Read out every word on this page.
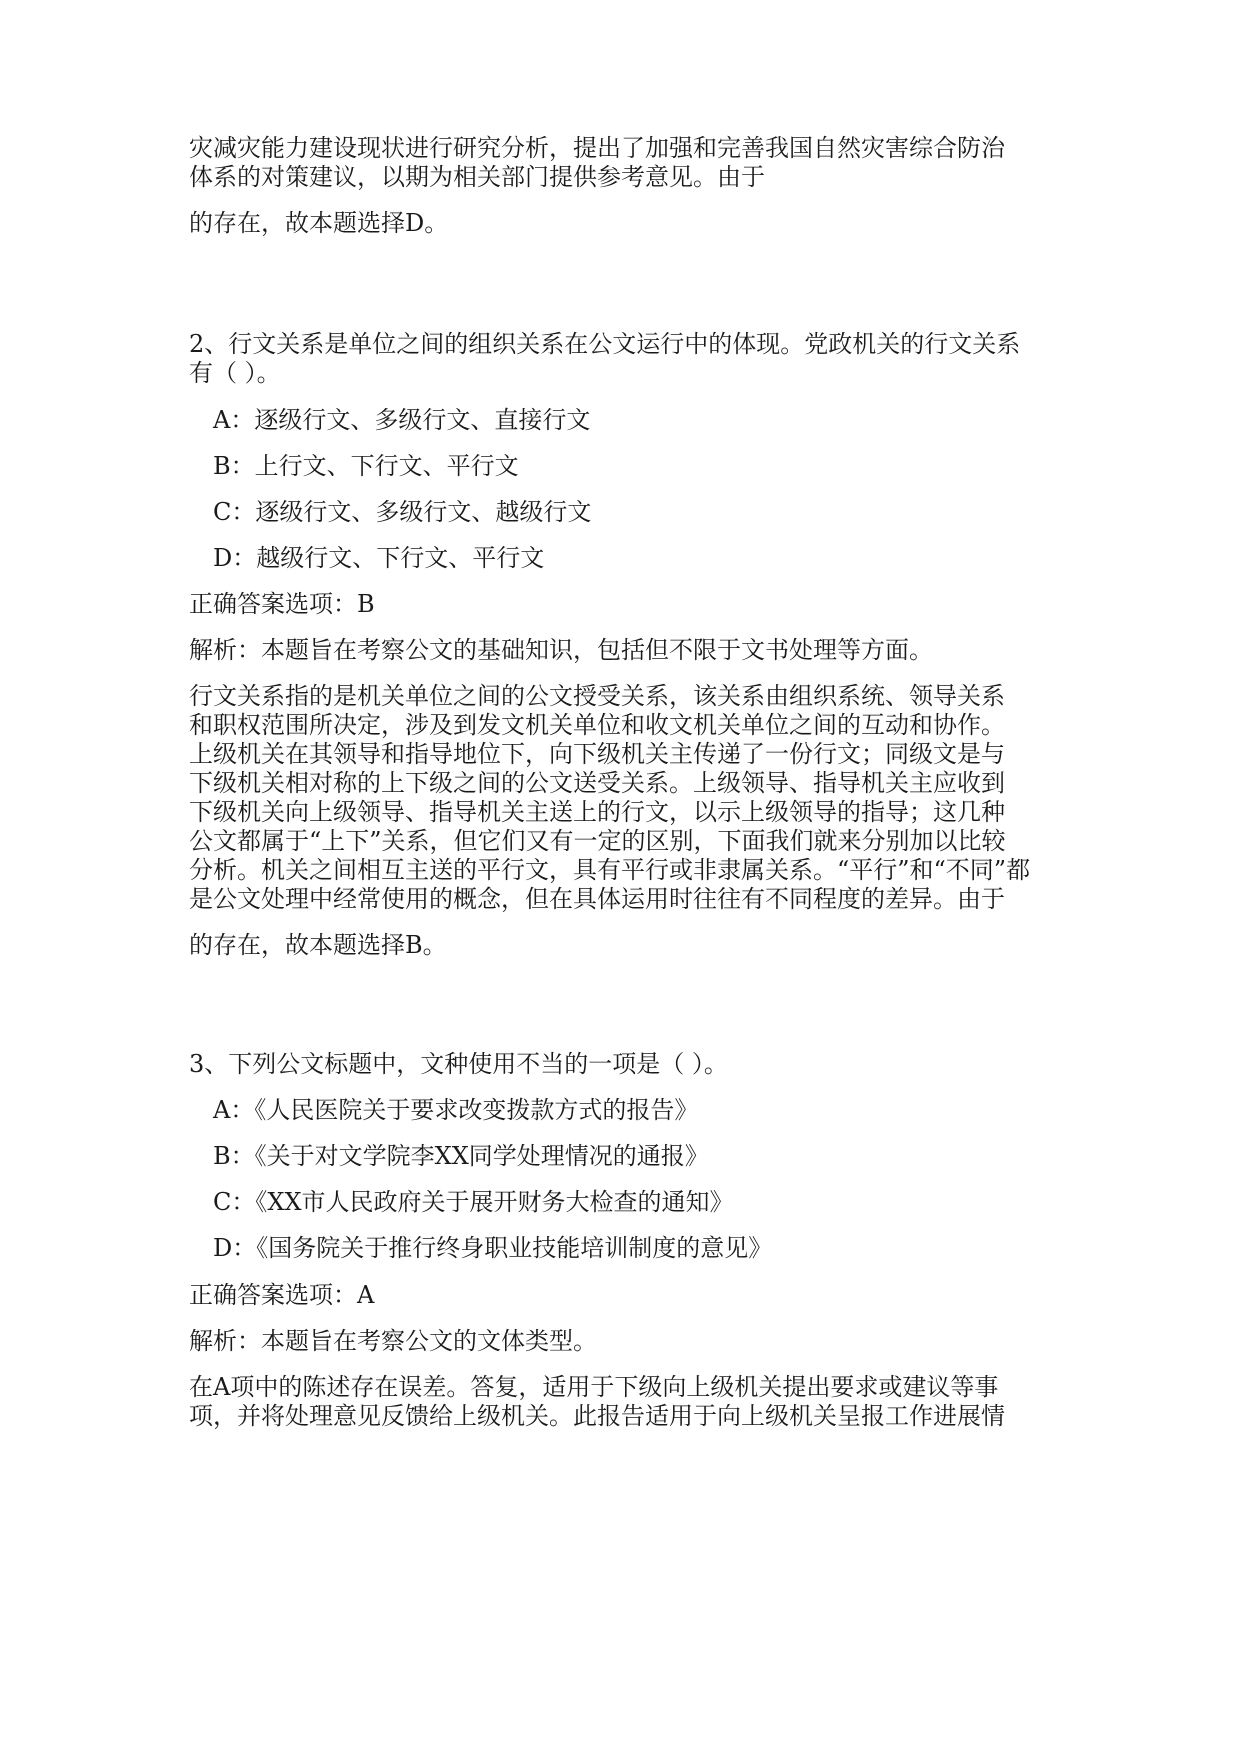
灾减灾能力建设现状进行研究分析，提出了加强和完善我国自然灾害综合防治
体系的对策建议，以期为相关部门提供参考意见。由于
的存在，故本题选择D。
2、行文关系是单位之间的组织关系在公文运行中的体现。党政机关的行文关系
有（ ）。
A：逐级行文、多级行文、直接行文
B：上行文、下行文、平行文
C：逐级行文、多级行文、越级行文
D：越级行文、下行文、平行文
正确答案选项：B
解析：本题旨在考察公文的基础知识，包括但不限于文书处理等方面。
行文关系指的是机关单位之间的公文授受关系，该关系由组织系统、领导关系
和职权范围所决定，涉及到发文机关单位和收文机关单位之间的互动和协作。
上级机关在其领导和指导地位下，向下级机关主传递了一份行文；同级文是与
下级机关相对称的上下级之间的公文送受关系。上级领导、指导机关主应收到
下级机关向上级领导、指导机关主送上的行文，以示上级领导的指导；这几种
公文都属于“上下”关系，但它们又有一定的区别，下面我们就来分别加以比较
分析。机关之间相互主送的平行文，具有平行或非隶属关系。“平行”和“不同”都
是公文处理中经常使用的概念，但在具体运用时往往有不同程度的差异。由于
的存在，故本题选择B。
3、下列公文标题中，文种使用不当的一项是（ ）。
A：《人民医院关于要求改变拨款方式的报告》
B：《关于对文学院李XX同学处理情况的通报》
C：《XX市人民政府关于展开财务大检查的通知》
D：《国务院关于推行终身职业技能培训制度的意见》
正确答案选项：A
解析：本题旨在考察公文的文体类型。
在A项中的陈述存在误差。答复，适用于下级向上级机关提出要求或建议等事
项，并将处理意见反馈给上级机关。此报告适用于向上级机关呈报工作进展情
